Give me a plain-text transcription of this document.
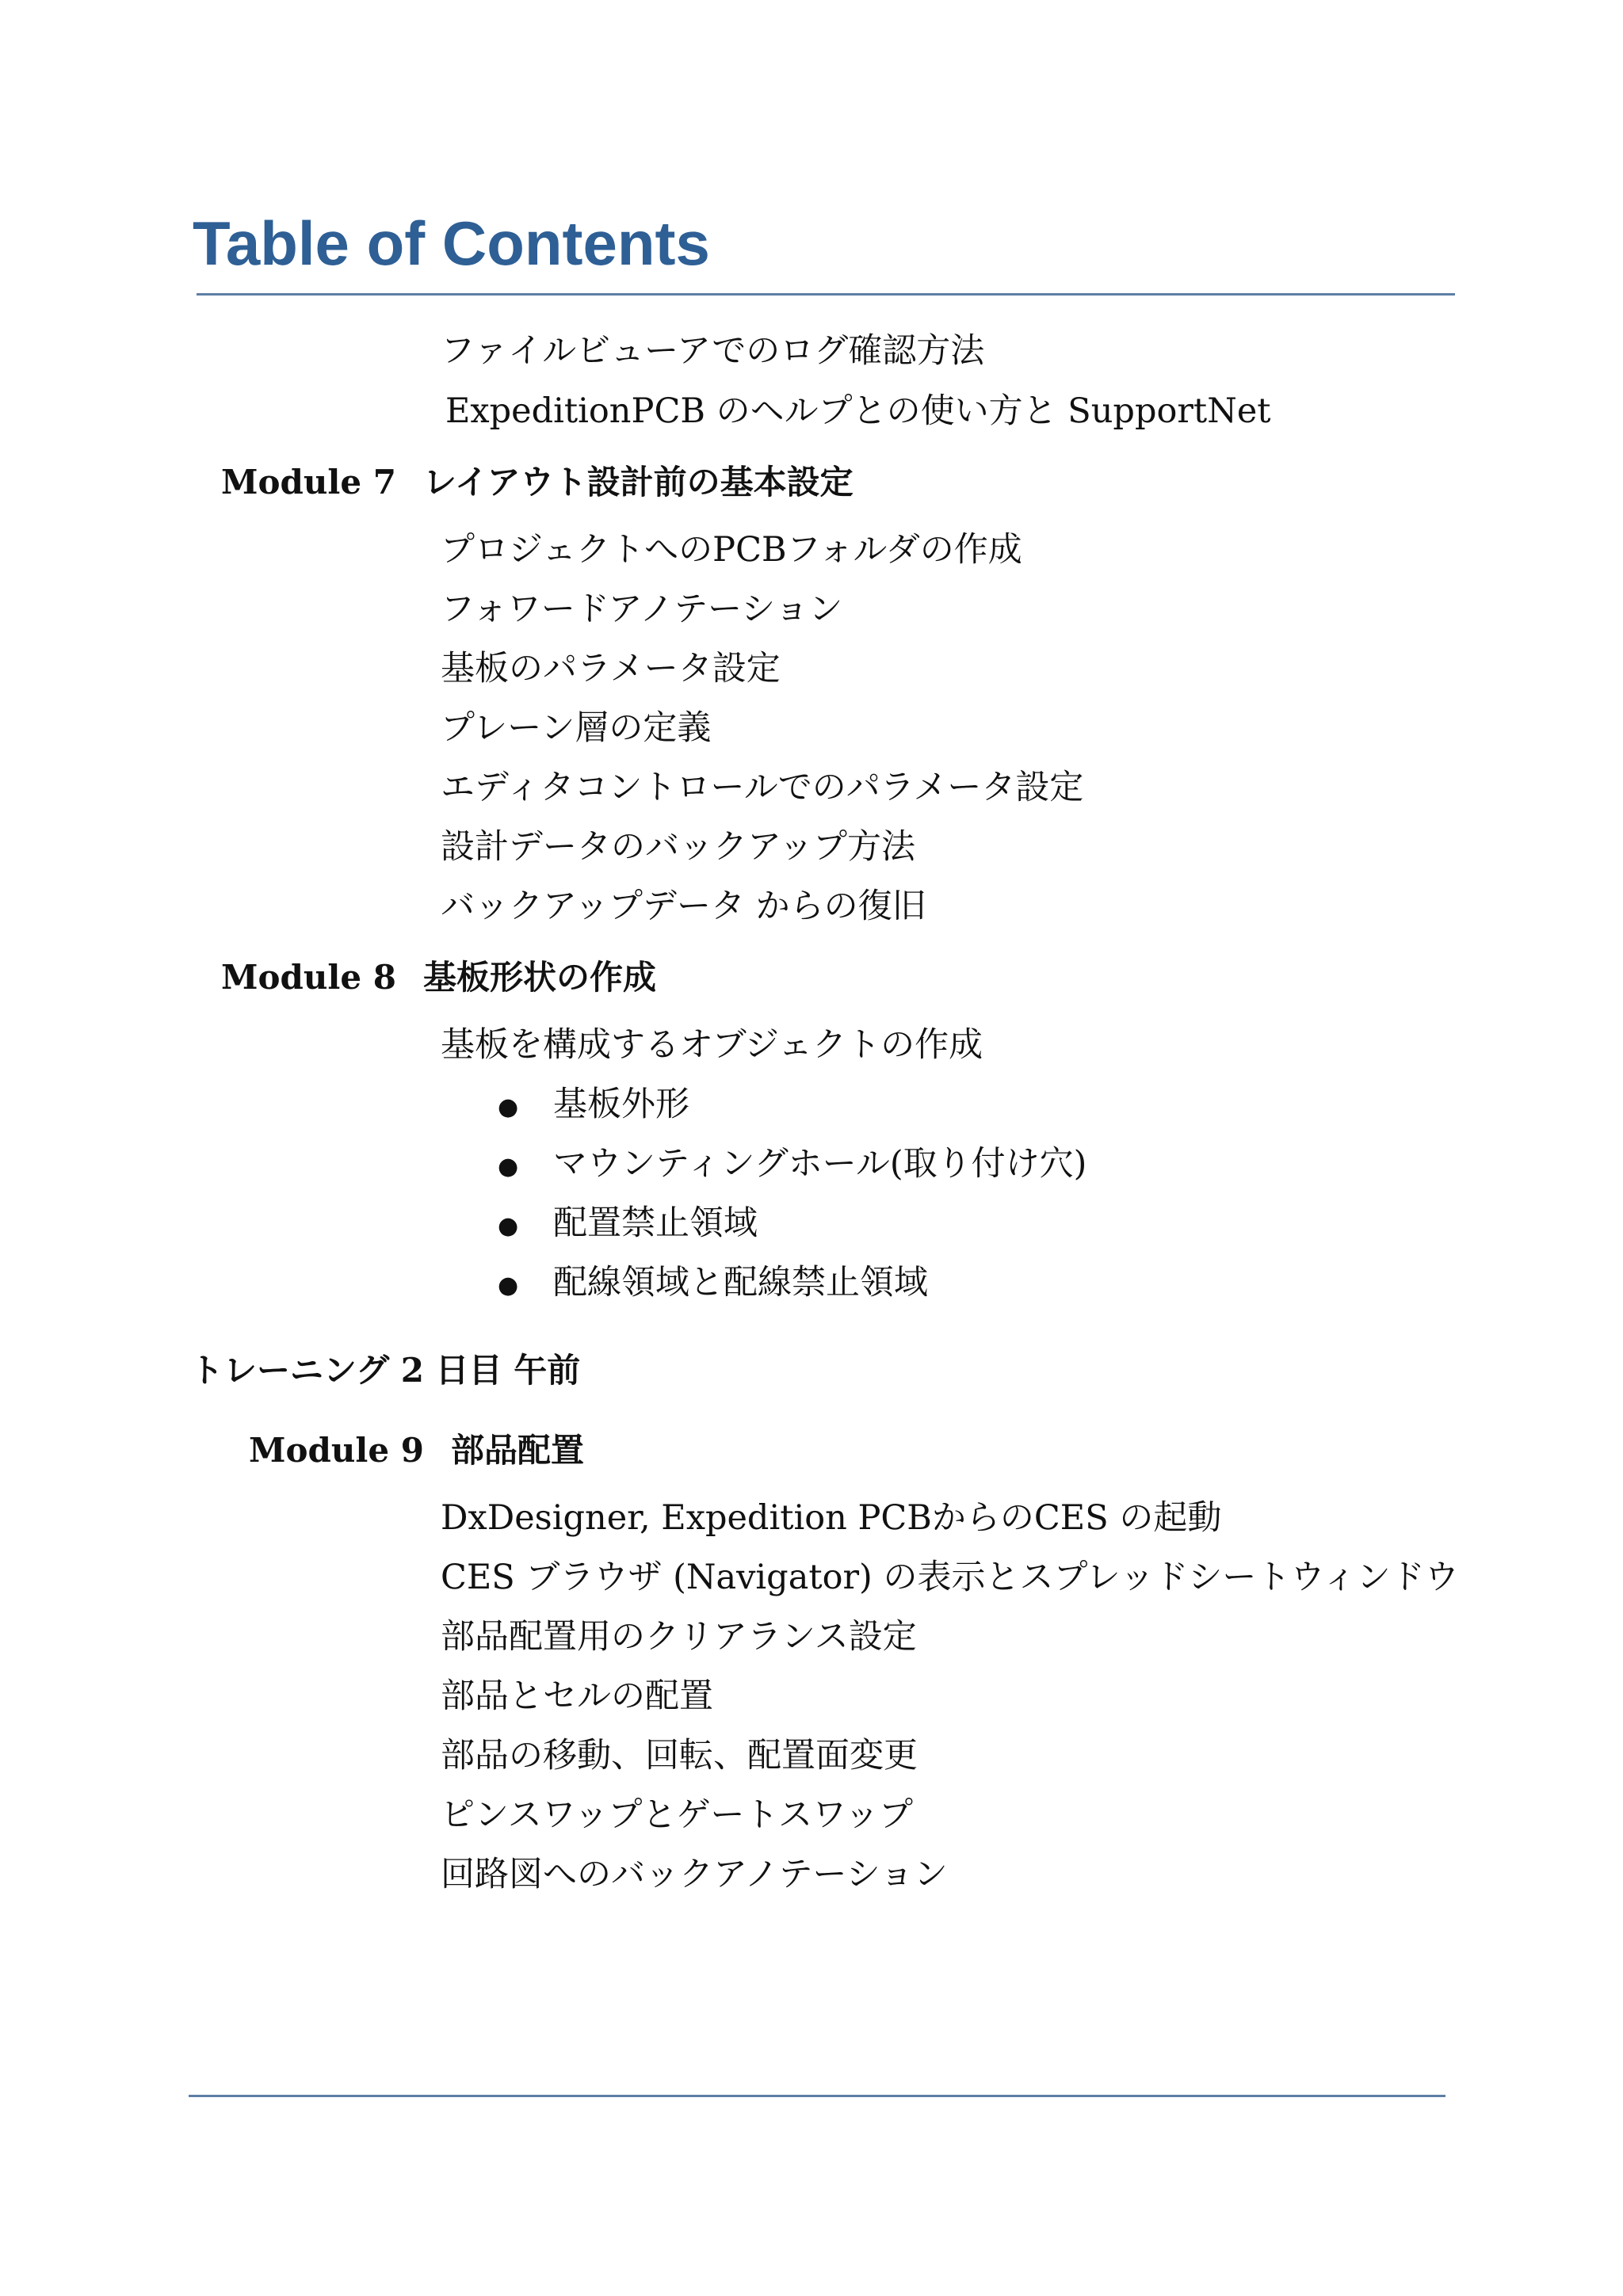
Table of Contents
ファイルビューアでのログ確認方法
ExpeditionPCB のヘルプとの使い方と SupportNet
Module 7 レイアウト設計前の基本設定
プロジェクトへのPCBフォルダの作成
フォワードアノテーション
基板のパラメータ設定
プレーン層の定義
エディタコントロールでのパラメータ設定
設計データのバックアップ方法
バックアップデータ からの復旧
Module 8 基板形状の作成
基板を構成するオブジェクトの作成
● 基板外形
● マウンティングホール(取り付け穴)
● 配置禁止領域
● 配線領域と配線禁止領域
トレーニング 2 日目 午前
Module 9 部品配置
DxDesigner, Expedition PCBからのCES の起動
CES ブラウザ (Navigator) の表示とスプレッドシートウィンドウ
部品配置用のクリアランス設定
部品とセルの配置
部品の移動、回転、配置面変更
ピンスワップとゲートスワップ
回路図へのバックアノテーション
